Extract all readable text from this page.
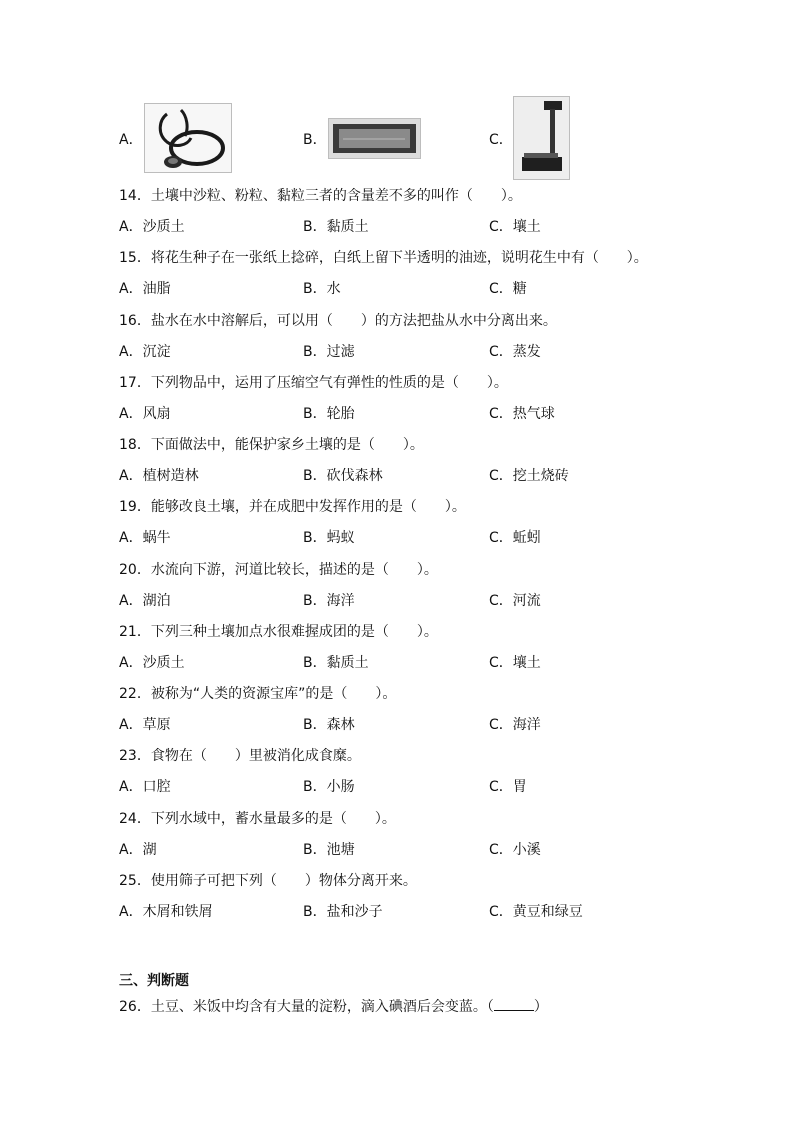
A．	B．	C．
14．土壤中沙粒、粉粒、黏粒三者的含量差不多的叫作（　　）。
A．沙质土	B．黏质土	C．壤土
15．将花生种子在一张纸上捻碎，白纸上留下半透明的油迹，说明花生中有（　　）。
A．油脂	B．水	C．糖
16．盐水在水中溶解后，可以用（　　）的方法把盐从水中分离出来。
A．沉淀	B．过滤	C．蒸发
17．下列物品中，运用了压缩空气有弹性的性质的是（　　）。
A．风扇	B．轮胎	C．热气球
18．下面做法中，能保护家乡土壤的是（　　）。
A．植树造林	B．砍伐森林	C．挖土烧砖
19．能够改良土壤，并在成肥中发挥作用的是（　　）。
A．蜗牛	B．蚂蚁	C．蚯蚓
20．水流向下游，河道比较长，描述的是（　　）。
A．湖泊	B．海洋	C．河流
21．下列三种土壤加点水很难握成团的是（　　）。
A．沙质土	B．黏质土	C．壤土
22．被称为“人类的资源宝库”的是（　　）。
A．草原	B．森林	C．海洋
23．食物在（　　）里被消化成食糜。
A．口腔	B．小肠	C．胃
24．下列水域中，蓄水量最多的是（　　）。
A．湖	B．池塘	C．小溪
25．使用筛子可把下列（　　）物体分离开来。
A．木屑和铁屑	B．盐和沙子	C．黄豆和绿豆
三、判断题
26．土豆、米饭中均含有大量的淀粉，滴入碘酒后会变蓝。（	）
